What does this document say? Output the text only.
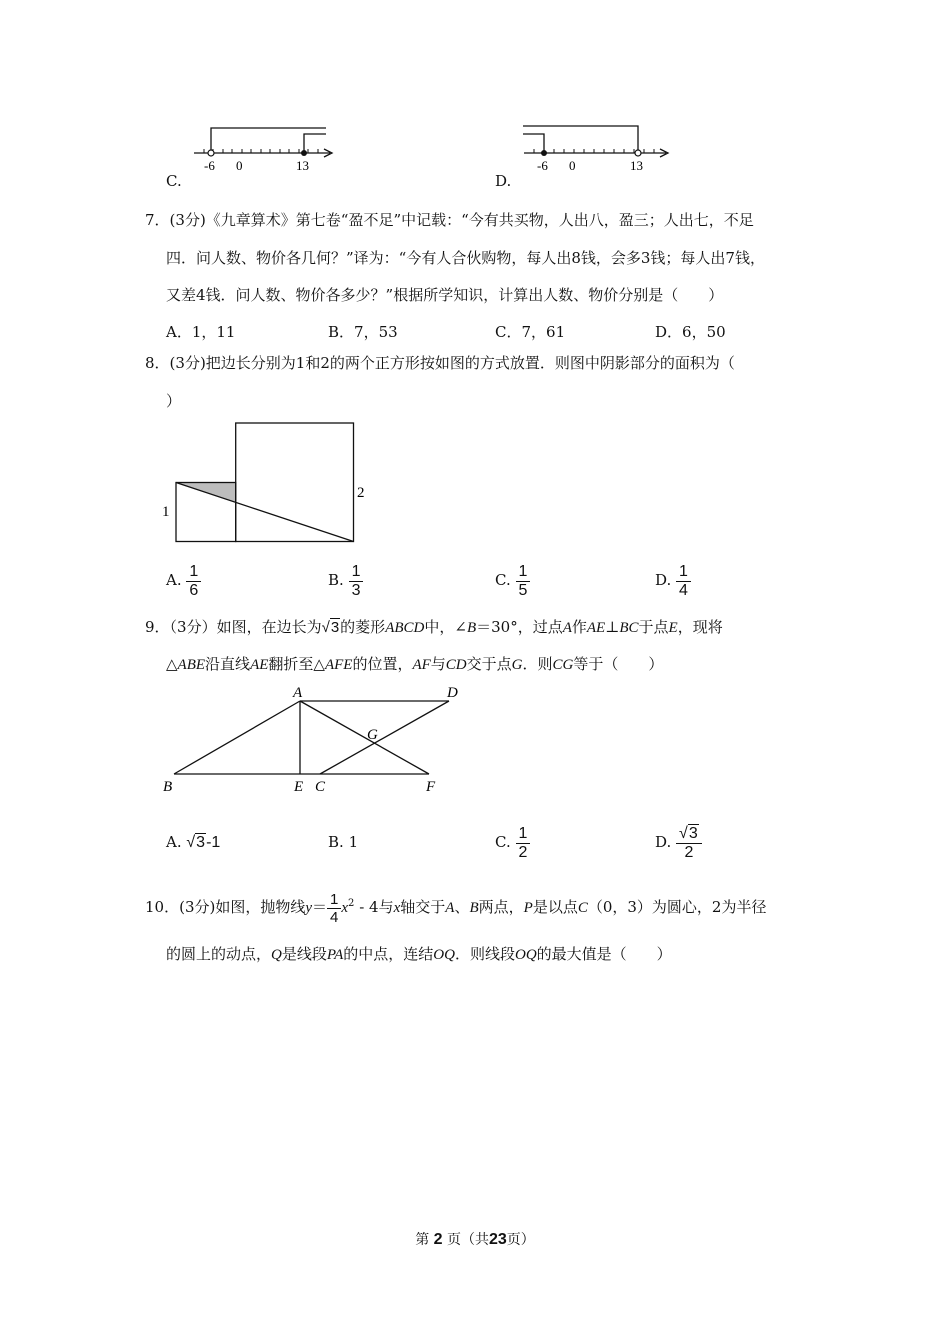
C.
-6 0	13
D.
-6 0	13
7．(3分)《九章算术》第七卷“盈不足”中记载：“今有共买物，人出八，盈三；人出七，不足
四．问人数、物价各几何？”译为：“今有人合伙购物，每人出8钱，会多3钱；每人出7钱，
又差4钱．问人数、物价各多少？”根据所学知识，计算出人数、物价分别是（　　）
A．1，11	B．7，53	C．7，61	D．6，50
8．(3分)把边长分别为1和2的两个正方形按如图的方式放置．则图中阴影部分的面积为（
）
1
2
A. $\frac{1}{6}$	B. $\frac{1}{3}$	C. $\frac{1}{5}$	D. $\frac{1}{4}$
9．（3分）如图，在边长为√3的菱形ABCD中，∠B＝30°，过点A作AE⊥BC于点E，现将
△ABE沿直线AE翻折至△AFE的位置，AF与CD交于点G．则CG等于（　　）
A	D
G
B	E C	F
A. √3-1	B. 1	C. $\frac{1}{2}$	D. $\frac{√3}{2}$
10．(3分)如图，抛物线$y= \frac{1}{4} x^2 - 4$与x轴交于A、B两点，P是以点C（0，3）为圆心，2为半径
的圆上的动点，Q是线段PA的中点，连结OQ．则线段OQ的最大值是（　　）
第 2 页（共23页）
